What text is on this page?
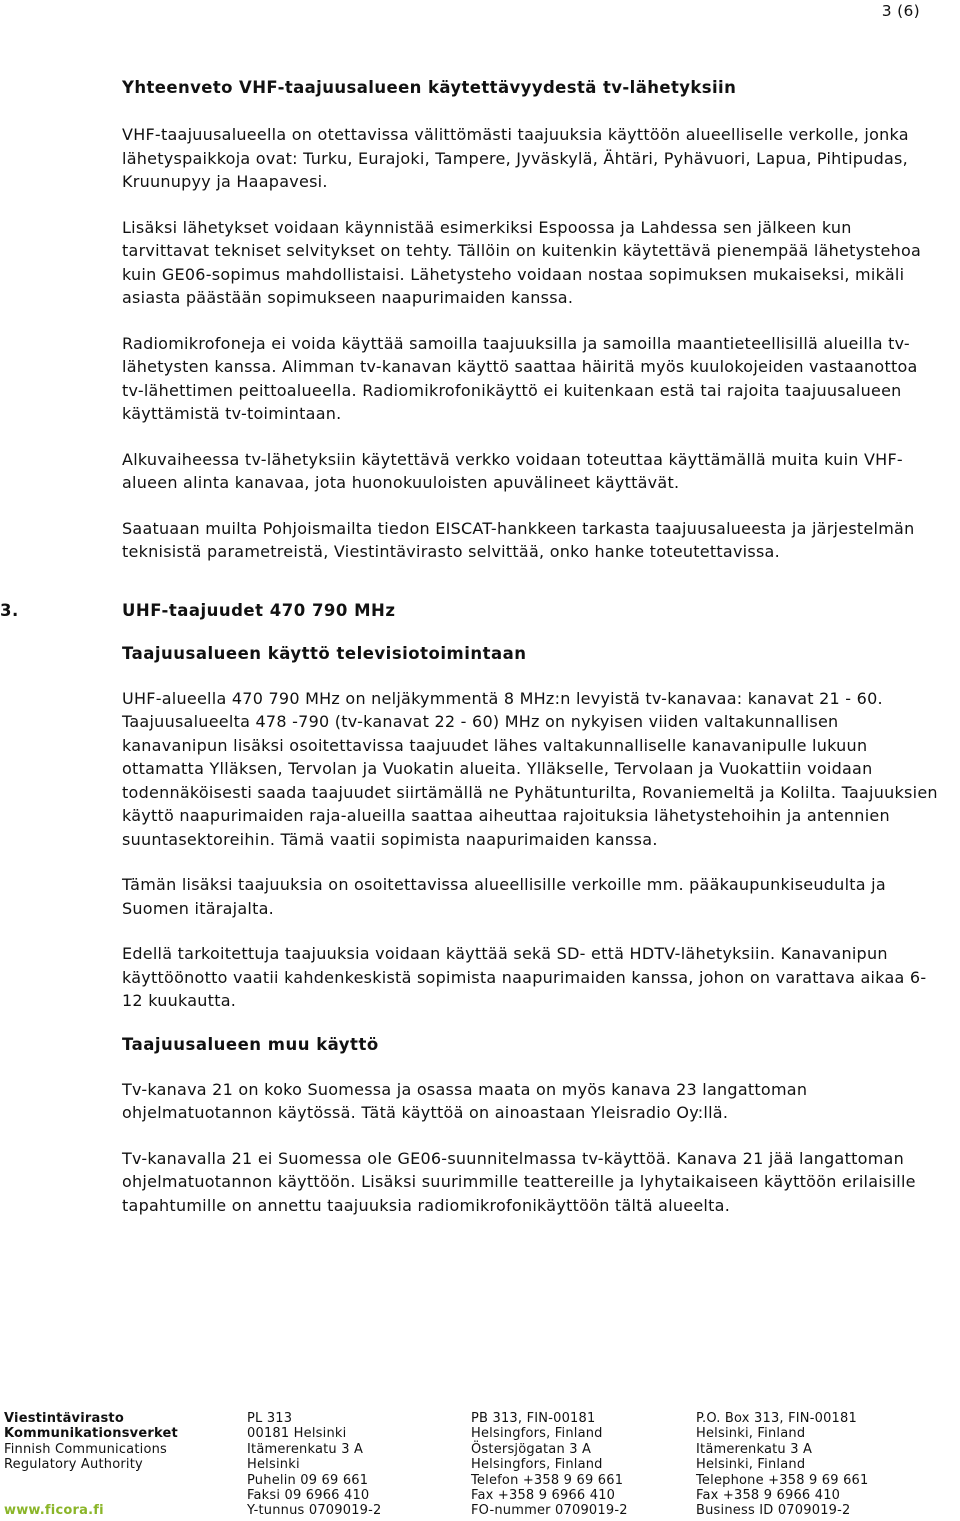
3 (6)
Yhteenveto VHF-taajuusalueen käytettävyydestä tv-lähetyksiin

VHF-taajuusalueella on otettavissa välittömästi taajuuksia käyttöön alueelliselle verkolle, jonka lähetyspaikkoja ovat: Turku, Eurajoki, Tampere, Jyväskylä, Ähtäri, Pyhävuori, Lapua, Pihtipudas, Kruunupyy ja Haapavesi.

Lisäksi lähetykset voidaan käynnistää esimerkiksi Espoossa ja Lahdessa sen jälkeen kun tarvittavat tekniset selvitykset on tehty. Tällöin on kuitenkin käytettävä pienempää lähetystehoa kuin GE06-sopimus mahdollistaisi. Lähetysteho voidaan nostaa sopimuksen mukaiseksi, mikäli asiasta päästään sopimukseen naapurimaiden kanssa.

Radiomikrofoneja ei voida käyttää samoilla taajuuksilla ja samoilla maantieteellisillä alueilla tv-lähetysten kanssa. Alimman tv-kanavan käyttö saattaa häiritä myös kuulokojeiden vastaanottoa tv-lähettimen peittoalueella. Radiomikrofonikäyttö ei kuitenkaan estä tai rajoita taajuusalueen käyttämistä tv-toimintaan.

Alkuvaiheessa tv-lähetyksiin käytettävä verkko voidaan toteuttaa käyttämällä muita kuin VHF-alueen alinta kanavaa, jota huonokuuloisten apuvälineet käyttävät.

Saatuaan muilta Pohjoismailta tiedon EISCAT-hankkeen tarkasta taajuusalueesta ja järjestelmän teknisistä parametreistä, Viestintävirasto selvittää, onko hanke toteutettavissa.

3.	UHF-taajuudet 470 790 MHz
Taajuusalueen käyttö televisiotoimintaan

UHF-alueella 470 790 MHz on neljäkymmentä 8 MHz:n levyistä tv-kanavaa: kanavat 21 - 60. Taajuusalueelta 478 -790 (tv-kanavat 22 - 60) MHz on nykyisen viiden valtakunnallisen kanavanipun lisäksi osoitettavissa taajuudet lähes valtakunnalliselle kanavanipulle lukuun ottamatta Ylläksen, Tervolan ja Vuokatin alueita. Ylläkselle, Tervolaan ja Vuokattiin voidaan todennäköisesti saada taajuudet siirtämällä ne Pyhätunturilta, Rovaniemeltä ja Kolilta. Taajuuksien käyttö naapurimaiden raja-alueilla saattaa aiheuttaa rajoituksia lähetystehoihin ja antennien suuntasektoreihin. Tämä vaatii sopimista naapurimaiden kanssa.

Tämän lisäksi taajuuksia on osoitettavissa alueellisille verkoille mm. pääkaupunkiseudulta ja Suomen itärajalta.

Edellä tarkoitettuja taajuuksia voidaan käyttää sekä SD- että HDTV-lähetyksiin. Kanavanipun käyttöönotto vaatii kahdenkeskistä sopimista naapurimaiden kanssa, johon on varattava aikaa 6-12 kuukautta.

Taajuusalueen muu käyttö

Tv-kanava 21 on koko Suomessa ja osassa maata on myös kanava 23 langattoman ohjelmatuotannon käytössä. Tätä käyttöä on ainoastaan Yleisradio Oy:llä.

Tv-kanavalla 21 ei Suomessa ole GE06-suunnitelmassa tv-käyttöä. Kanava 21 jää langattoman ohjelmatuotannon käyttöön. Lisäksi suurimmille teattereille ja lyhytaikaiseen käyttöön erilaisille tapahtumille on annettu taajuuksia radiomikrofonikäyttöön tältä alueelta.

Viestintävirasto
Kommunikationsverket
Finnish Communications
Regulatory Authority
www.ficora.fi
PL 313
00181 Helsinki
Itämerenkatu 3 A
Helsinki
Puhelin 09 69 661
Faksi 09 6966 410
Y-tunnus 0709019-2
PB 313, FIN-00181
Helsingfors, Finland
Östersjögatan 3 A
Helsingfors, Finland
Telefon +358 9 69 661
Fax +358 9 6966 410
FO-nummer 0709019-2
P.O. Box 313, FIN-00181
Helsinki, Finland
Itämerenkatu 3 A
Helsinki, Finland
Telephone +358 9 69 661
Fax +358 9 6966 410
Business ID 0709019-2
